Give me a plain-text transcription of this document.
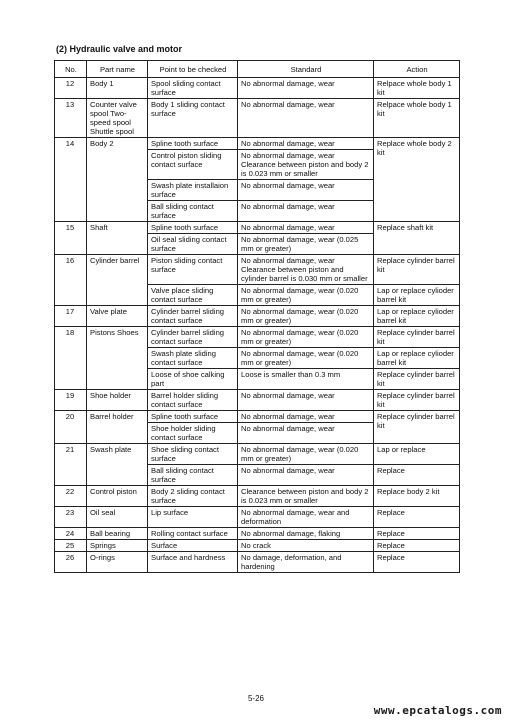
(2) Hydraulic valve and motor
No.	Part name	Point to be checked	Standard	Action
12	Body 1	Spool sliding contact surface	No abnormal damage, wear	Relpace whole body 1 kit
13	Counter valve spool Two-speed spool Shuttle spool	Body 1 sliding contact surface	No abnormal damage, wear	Relpace whole body 1 kit
14	Body 2	Spline tooth surface	No abnormal damage, wear	Replace whole body 2 kit
		Control piston sliding contact surface	No abnormal damage, wear Clearance between piston and body 2 is 0.023 mm or smaller	
		Swash plate installaion surface	No abnormal damage, wear	
		Ball sliding contact surface	No abnormal damage, wear	
15	Shaft	Spline tooth surface	No abnormal damage, wear	Replace shaft kit
		Oil seal sliding contact surface	No abnormal damage, wear (0.025 mm or greater)	
16	Cylinder barrel	Piston sliding contact surface	No abnormal damage, wear Clearance between piston and cylinder barrel is 0.030 mm or smaller	Replace cylinder barrel kit
		Valve place sliding contact surface	No abnormal damage, wear (0.020 mm or greater)	Lap or replace cylioder barrel kit
17	Valve plate	Cylinder barrel sliding contact surface	No abnormal damage, wear (0.020 mm or greater)	Lap or replace cylioder barrel kit
18	Pistons Shoes	Cylinder barrel sliding contact surface	No abnormal damage, wear (0.020 mm or greater)	Replace cylinder barrel kit
		Swash plate sliding contact surface	No abnormal damage, wear (0.020 mm or greater)	Lap or replace cylioder barrel kit
		Loose of shoe calking part	Loose is smaller than 0.3 mm	Replace cylinder barrel kit
19	Shoe holder	Barrel holder sliding contact surface	No abnormal damage, wear	Replace cylinder barrel kit
20	Barrel holder	Spline tooth surface	No abnormal damage, wear	Replace cylinder barrel kit
		Shoe holder sliding contact surface	No abnormal damage, wear	
21	Swash plate	Shoe sliding contact surface	No abnormal damage, wear (0.020 mm or greater)	Lap or replace
		Ball sliding contact surface	No abnormal damage, wear	Replace
22	Control piston	Body 2 sliding contact surface	Clearance between piston and body 2 is 0.023 mm or smaller	Replace body 2 kit
23	Oil seal	Lip surface	No abnormal damage, wear and deformation	Replace
24	Ball bearing	Rolling contact surface	No abnormal damage, flaking	Replace
25	Springs	Surface	No crack	Replace
26	O-rings	Surface and hardness	No damage, deformation, and hardening	Replace
5-26
www.epcatalogs.com
